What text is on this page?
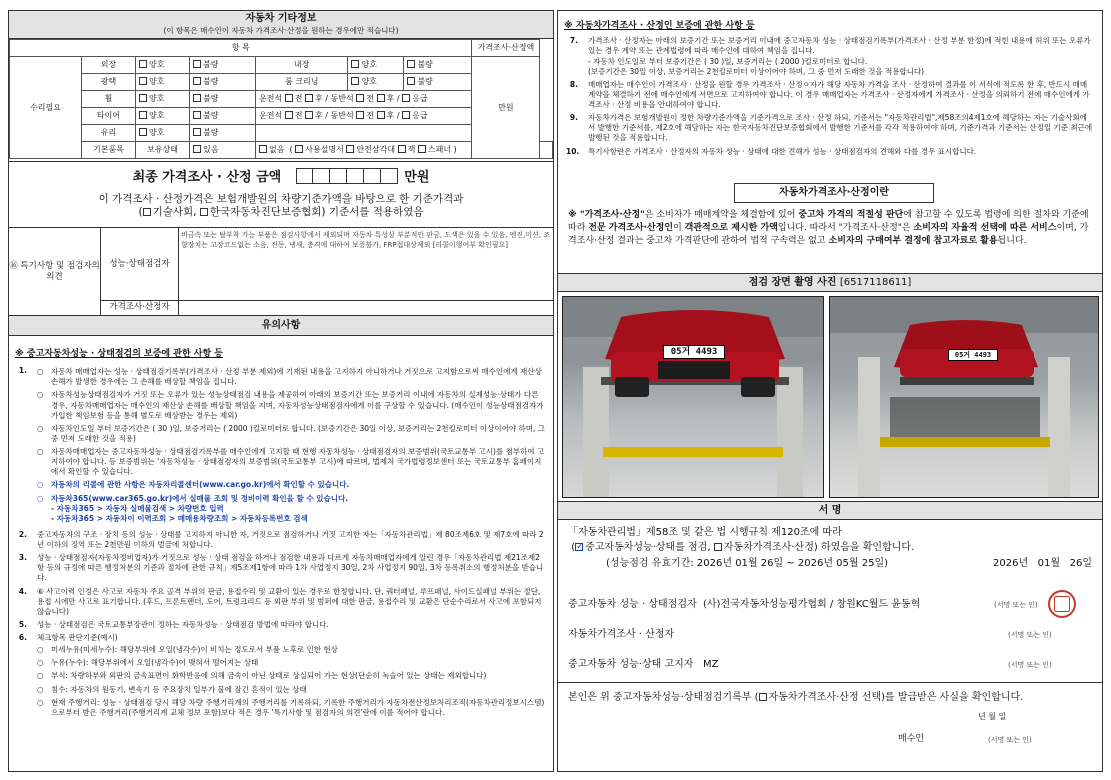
자동차 기타정보
(이 항목은 매수인이 자동차 가격조사·산정을 원하는 경우에만 적습니다)
항 목							가격조사·산정액	
수리필요	외장	양호	불량	내장	양호	불량	만원	
	광택	양호	불량	룸 크리닝	양호	불량		
	휠	양호	불량	운전석 전 후 / 동반석 전 후 / 응급				
	타이어	양호	불량	운전석 전 후 / 동반석 전 후 / 응급				
	유리	양호	불량					
	기본품목	보유상태	있음	없음  ( 사용설명서 안전삼각대 잭 스패너 )				
최종 가격조사 · 산정 금액	만원
이 가격조사 · 산정가격은 보험개발원의 차량기준가액을 바탕으로 한 기준가격과
( 기술사회, 한국자동차진단보증협회) 기준서를 적용하였음
⑯ 특기사항 및 점검자의 의견
성능·상태점검자
비금속 또는 탈부착 가능 부품은 점검사항에서 제외되며 자동차 특성상 부분적인 판금, 도색은 있을 수 있음, 엔진,미션, 조향장치는 고장코드없는 소음, 진동, 냉새, 충격에 대하여 보증불가, FRP접대상제외 [리콜이행여부 확인필요]
가격조사·산정자
유의사항
※ 중고자동차성능 · 상태점검의 보증에 관한 사항 등
1.	○ 자동차 매매업자는 성능 · 상태점검기록부(가격조사 · 산정 부분 제외)에 기재된 내용을 고지하지 아니하거나 거짓으로 고지함으로써 매수인에게 재산상 손해가 발생한 경우에는 그 손해를 배상할 책임을 집니다.
○ 자동차성능상태점검자가 거짓 또는 오류가 있는 성능상태점검 내용을 제공하여 아래의 보증기간 또는 보증거리 이내에 자동차의 실제성능·상태가 다른 경우, 자동차매매업자는 매수인의 재산상 손해를 배상할 책임을 지며, 자동차성능상태점검자에게 이를 구상할 수 있습니다. (매수인이 성능상태점검자가 가입한 책임보험 등을 통해 별도로 배상받는 경우는 제외)
○ 자동차인도일 부터 보증기간은 ( 30 )일, 보증거리는 ( 2000 )킬로미터로 합니다. (보증기간은 30일 이상, 보증거리는 2천킬로미터 이상이어야 하며, 그 중 먼저 도래한 것을 적용)
○ 자동차매매업자는 중고자동차성능 · 상태점검기록부를 매수인에게 고지할 때 현행 자동차성능 · 상태점검자의 보증범위(국토교통부 고시)를 첨부하여 고지하여야 합니다. 등 보증범위는 '자동차성능 · 상태점검자의 보증범위(국토교통부 고시)에 따르며, 법제처 국가법령정보센터 또는 국토교통부 홈페이지에서 확인할 수 있습니다.
○ 자동차의 리콜에 관한 사항은 자동차리콜센터(www.car.go.kr)에서 확인할 수 있습니다.
○ 자동차365(www.car365.go.kr)에서 실매물 조회 및 정비이력 확인을 할 수 있습니다.
- 자동차365 > 자동차 실매물검색 > 차량번호 입력
- 자동차365 > 자동차이 이력조회 > 매매용차량조회 > 자동차등록번호 검색
2.	중고자동차의 구조 · 장치 등의 성능 · 상태를 고지하지 아니한 자, 거짓으로 점검하거나 거짓 고지한 자는「자동차관리법」제 80조제6호 및 제7호에 따라 2년 이하의 징역 또는 2천만원 이하의 벌금에 처합니다.
3.	성능 · 상태점검자(자동차정비업자)가 거짓으로 성능 · 상태 점검을 하거나 점검한 내용과 다르게 자동차매매업자에게 알린 경우「자동차관리법 제21조제2항 등의 규정에 따른 행정처분의 기준과 절차에 관한 규칙」제5조제1항에 따라 1차 사업정지 30일, 2차 사업정지 90일, 3차 등록취소의 행정처분을 받습니다.
4.	⑥ 사고이력 인정은 사고로 자동차 주요 골격 부위의 판금, 용접수리 및 교환이 있는 경우로 한정합니다. 단, 쿼터패널, 루프패널, 사이드실패널 부위는 절단, 용접 시에만 사고로 표기합니다. (후드, 프론트펜더, 도어, 트렁크리드 등 외판 부위 및 범퍼에 대한 판금, 용접수리 및 교환은 단순수리로서 사고에 포함되지 않습니다)
5.	성능 · 상태점검은 국토교통부장관이 정하는 자동차성능 · 상태점검 방법에 따라야 합니다.
6.	체크항목 판단기준(예시)
○ 미세누유(미세누수): 해당부위에 오일(냉각수)이 비치는 정도로서 부품 노후로 인한 현상
○ 누유(누수): 해당부위에서 오일(냉각수)이 맺혀서 떨어지는 상태
○ 부식: 차량하부와 외판의 금속표면이 화학반응에 의해 금속이 아닌 상태로 상실되어 가는 현상(단순히 녹슬어 있는 상태는 제외합니다)
○ 침수: 자동차의 원동기, 변속기 등 주요장치 일부가 물에 잠긴 흔적이 있는 상태
○ 현재 주행거리: 성능 · 상태점검 당시 해당 차량 주행거리계의 주행거리를 기록하되, 기록한 주행거리가 자동차전산정보처리조직(자동차관리정보시스템)으로부터 받은 주행거리(주행거리계 교체 정보 포함)보다 적은 경우 '특기사항 및 점검자의 의견'란에 이를 적어야 합니다.
※ 자동차가격조사 · 산정인 보증에 관한 사항 등
7.	가격조사 · 산정자는 아래의 보증기간 또는 보증거리 이내에 중고자동차 성능 · 상태점검기록부(가격조사 · 산정 부분 한정)에 적힌 내용에 허위 또는 오류가 있는 경우 계약 또는 관계법령에 따라 매수인에 대하여 책임을 집니다.
- 자동차 인도일로 부터 보증기간은 ( 30 )일, 보증거리는 ( 2000 )킬로미터로 합니다.
(보증기간은 30일 이상, 보증거리는 2천킬로미터 이상이어야 하며, 그 중 먼저 도래한 것을 적용합니다)
8.	매매업자는 매수인이 가격조사 · 산정을 원할 경우 가격조사 · 산정ㅇ자가 해당 자동차 가격을 조사 · 산정하여 결과를 이 서식에 적도록 한 후, 반드시 매매계약을 체결하기 전에 매수인에게 서면으로 고지하여야 합니다. 이 경우 매매업자는 가격조사 · 산정자에게 가격조사 · 산정을 의뢰하기 전에 매수인에게 가격조사 · 산정 비용을 안내하여야 합니다.
9.	자동차가격은 보험개발원이 정한 차량기준가액을 기준가격으로 조사 · 산정 하되, 기준서는 "자동차관리법",제58조의4제1호에 해당하는 자는 기술사회에서 발행한 기준서를, 제2호에 해당하는 자는 한국자동차진단보증협회에서 발행한 기준서를 각각 적용하여야 하며, 기준가격과 기준서는 산정일 기준 최근에 발행된 것을 적용합니다.
10.	특기사항란은 가격조사 · 산정자의 자동차 성능 · 상태에 대한 견해가 성능 · 상태점검자의 견해와 다를 경우 표시합니다.
자동차가격조사·산정이란
※ "가격조사·산정"은 소비자가 매매계약을 체결함에 있어 중고차 가격의 적절성 판단에 참고할 수 있도록 법령에 의한 절차와 기준에 따라 전문 가격조사·산정인이 객관적으로 제시한 가액입니다. 따라서 "가격조사·산정"은 소비자의 자율적 선택에 따른 서비스이며, 가격조사·산정 결과는 중고차 가격판단에 관하여 법적 구속력은 없고 소비자의 구매여부 결정에 참고자료로 활용됩니다.
점검 장면 촬영 사진 [6517118611]
05거 4493	05거 4493
서 명
「자동차관리법」제58조 및 같은 법 시행규칙 제120조에 따라
( ✓ 중고자동차성능·상태를 점검, 자동차가격조사·산정) 하였음을 확인합니다.
(성능점검 유효기간: 2026년 01월 26일 ~ 2026년 05월 25일)	2026년 01월 26일
중고자동차 성능 · 상태점검자
(사)전국자동차성능평가협회 / 창원KC월드 윤동혁	(서명 또는 인)
자동차가격조사 · 산정자	(서명 또는 인)
중고자동차 성능·상태 고지자
MZ	(서명 또는 인)
본인은 위 중고자동차성능·상태점검기록부 ( 자동차가격조사·산정 선택)를 발급받은 사실을 확인합니다.
년 월 일
매수인	(서명 또는 인)
